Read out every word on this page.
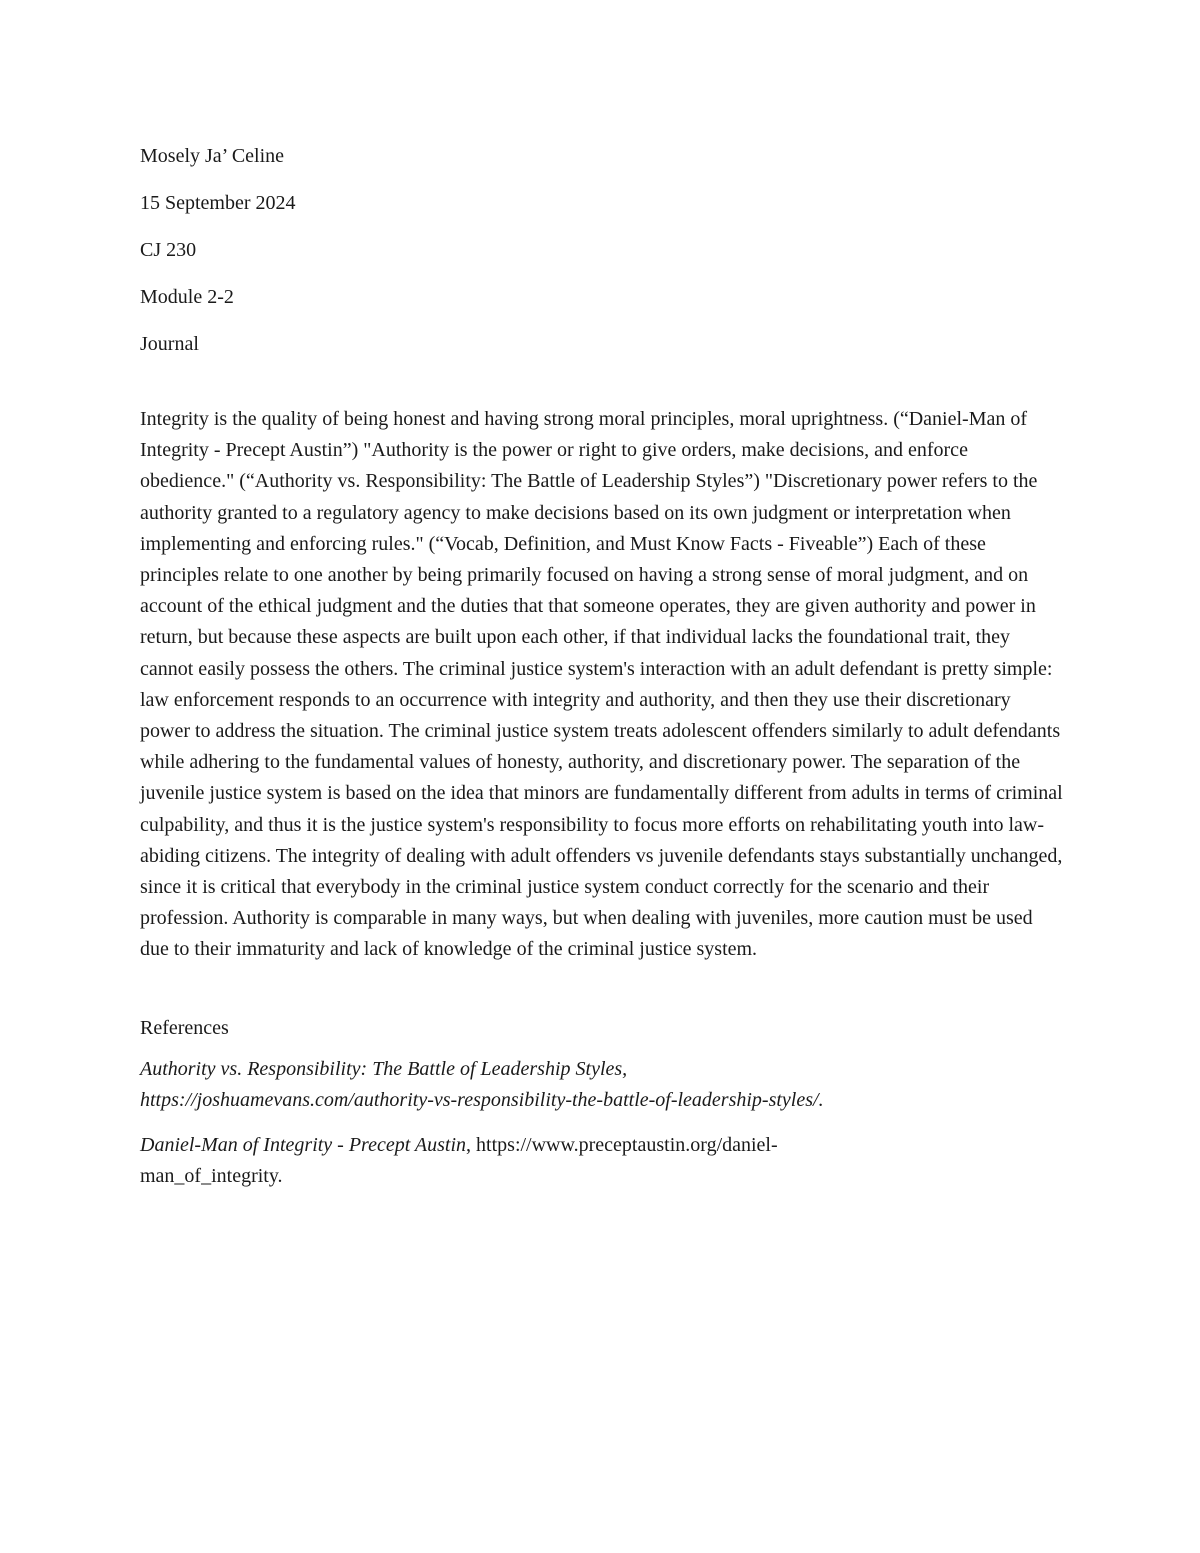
Mosely Ja’ Celine

15 September 2024

CJ 230

Module 2-2

Journal

Integrity is the quality of being honest and having strong moral principles, moral uprightness. (“Daniel-Man of Integrity - Precept Austin”) "Authority is the power or right to give orders, make decisions, and enforce obedience." (“Authority vs. Responsibility: The Battle of Leadership Styles”) "Discretionary power refers to the authority granted to a regulatory agency to make decisions based on its own judgment or interpretation when implementing and enforcing rules." (“Vocab, Definition, and Must Know Facts - Fiveable”) Each of these principles relate to one another by being primarily focused on having a strong sense of moral judgment, and on account of the ethical judgment and the duties that that someone operates, they are given authority and power in return, but because these aspects are built upon each other, if that individual lacks the foundational trait, they cannot easily possess the others. The criminal justice system's interaction with an adult defendant is pretty simple: law enforcement responds to an occurrence with integrity and authority, and then they use their discretionary power to address the situation. The criminal justice system treats adolescent offenders similarly to adult defendants while adhering to the fundamental values of honesty, authority, and discretionary power. The separation of the juvenile justice system is based on the idea that minors are fundamentally different from adults in terms of criminal culpability, and thus it is the justice system's responsibility to focus more efforts on rehabilitating youth into law-abiding citizens. The integrity of dealing with adult offenders vs juvenile defendants stays substantially unchanged, since it is critical that everybody in the criminal justice system conduct correctly for the scenario and their profession. Authority is comparable in many ways, but when dealing with juveniles, more caution must be used due to their immaturity and lack of knowledge of the criminal justice system.

References

Authority vs. Responsibility: The Battle of Leadership Styles, https://joshuamevans.com/authority-vs-responsibility-the-battle-of-leadership-styles/.

Daniel-Man of Integrity - Precept Austin, https://www.preceptaustin.org/daniel-man_of_integrity.
